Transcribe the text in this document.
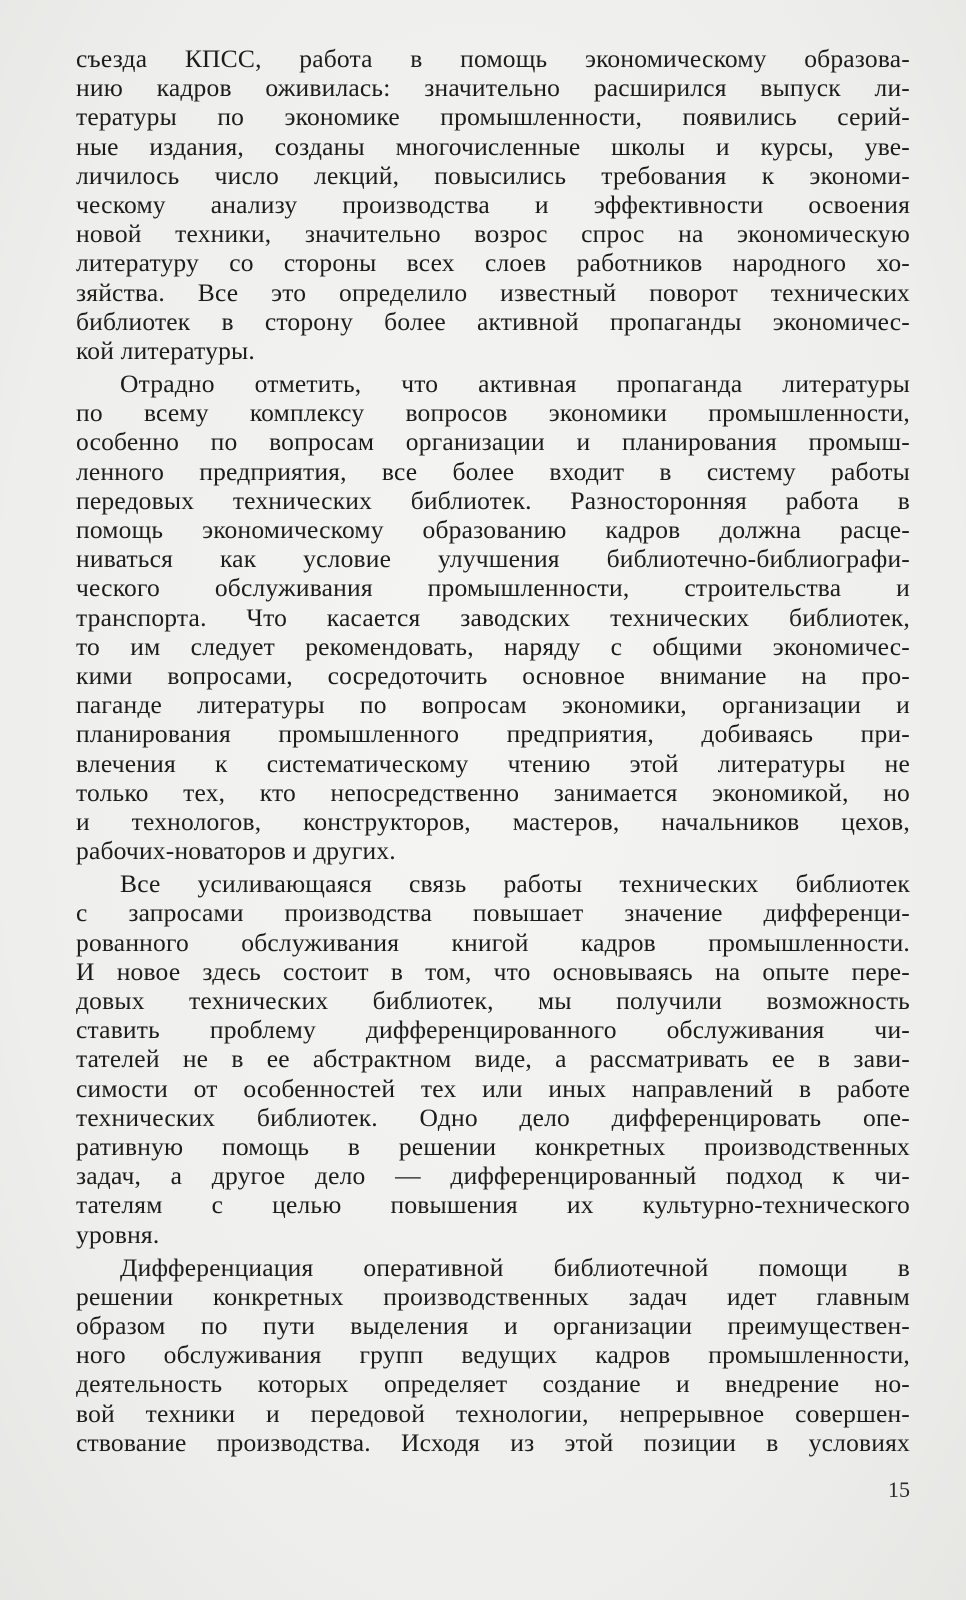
съезда КПСС, работа в помощь экономическому образова-
нию кадров оживилась: значительно расширился выпуск ли-
тературы по экономике промышленности, появились серий-
ные издания, созданы многочисленные школы и курсы, уве-
личилось число лекций, повысились требования к экономи-
ческому анализу производства и эффективности освоения
новой техники, значительно возрос спрос на экономическую
литературу со стороны всех слоев работников народного хо-
зяйства. Все это определило известный поворот технических
библиотек в сторону более активной пропаганды экономичес-
кой литературы.
Отрадно отметить, что активная пропаганда литературы
по всему комплексу вопросов экономики промышленности,
особенно по вопросам организации и планирования промыш-
ленного предприятия, все более входит в систему работы
передовых технических библиотек. Разносторонняя работа в
помощь экономическому образованию кадров должна расце-
ниваться как условие улучшения библиотечно-библиографи-
ческого обслуживания промышленности, строительства и
транспорта. Что касается заводских технических библиотек,
то им следует рекомендовать, наряду с общими экономичес-
кими вопросами, сосредоточить основное внимание на про-
паганде литературы по вопросам экономики, организации и
планирования промышленного предприятия, добиваясь при-
влечения к систематическому чтению этой литературы не
только тех, кто непосредственно занимается экономикой, но
и технологов, конструкторов, мастеров, начальников цехов,
рабочих-новаторов и других.
Все усиливающаяся связь работы технических библиотек
с запросами производства повышает значение дифференци-
рованного обслуживания книгой кадров промышленности.
И новое здесь состоит в том, что основываясь на опыте пере-
довых технических библиотек, мы получили возможность
ставить проблему дифференцированного обслуживания чи-
тателей не в ее абстрактном виде, а рассматривать ее в зави-
симости от особенностей тех или иных направлений в работе
технических библиотек. Одно дело дифференцировать опе-
ративную помощь в решении конкретных производственных
задач, а другое дело — дифференцированный подход к чи-
тателям с целью повышения их культурно-технического
уровня.
Дифференциация оперативной библиотечной помощи в
решении конкретных производственных задач идет главным
образом по пути выделения и организации преимуществен-
ного обслуживания групп ведущих кадров промышленности,
деятельность которых определяет создание и внедрение но-
вой техники и передовой технологии, непрерывное совершен-
ствование производства. Исходя из этой позиции в условиях
15
